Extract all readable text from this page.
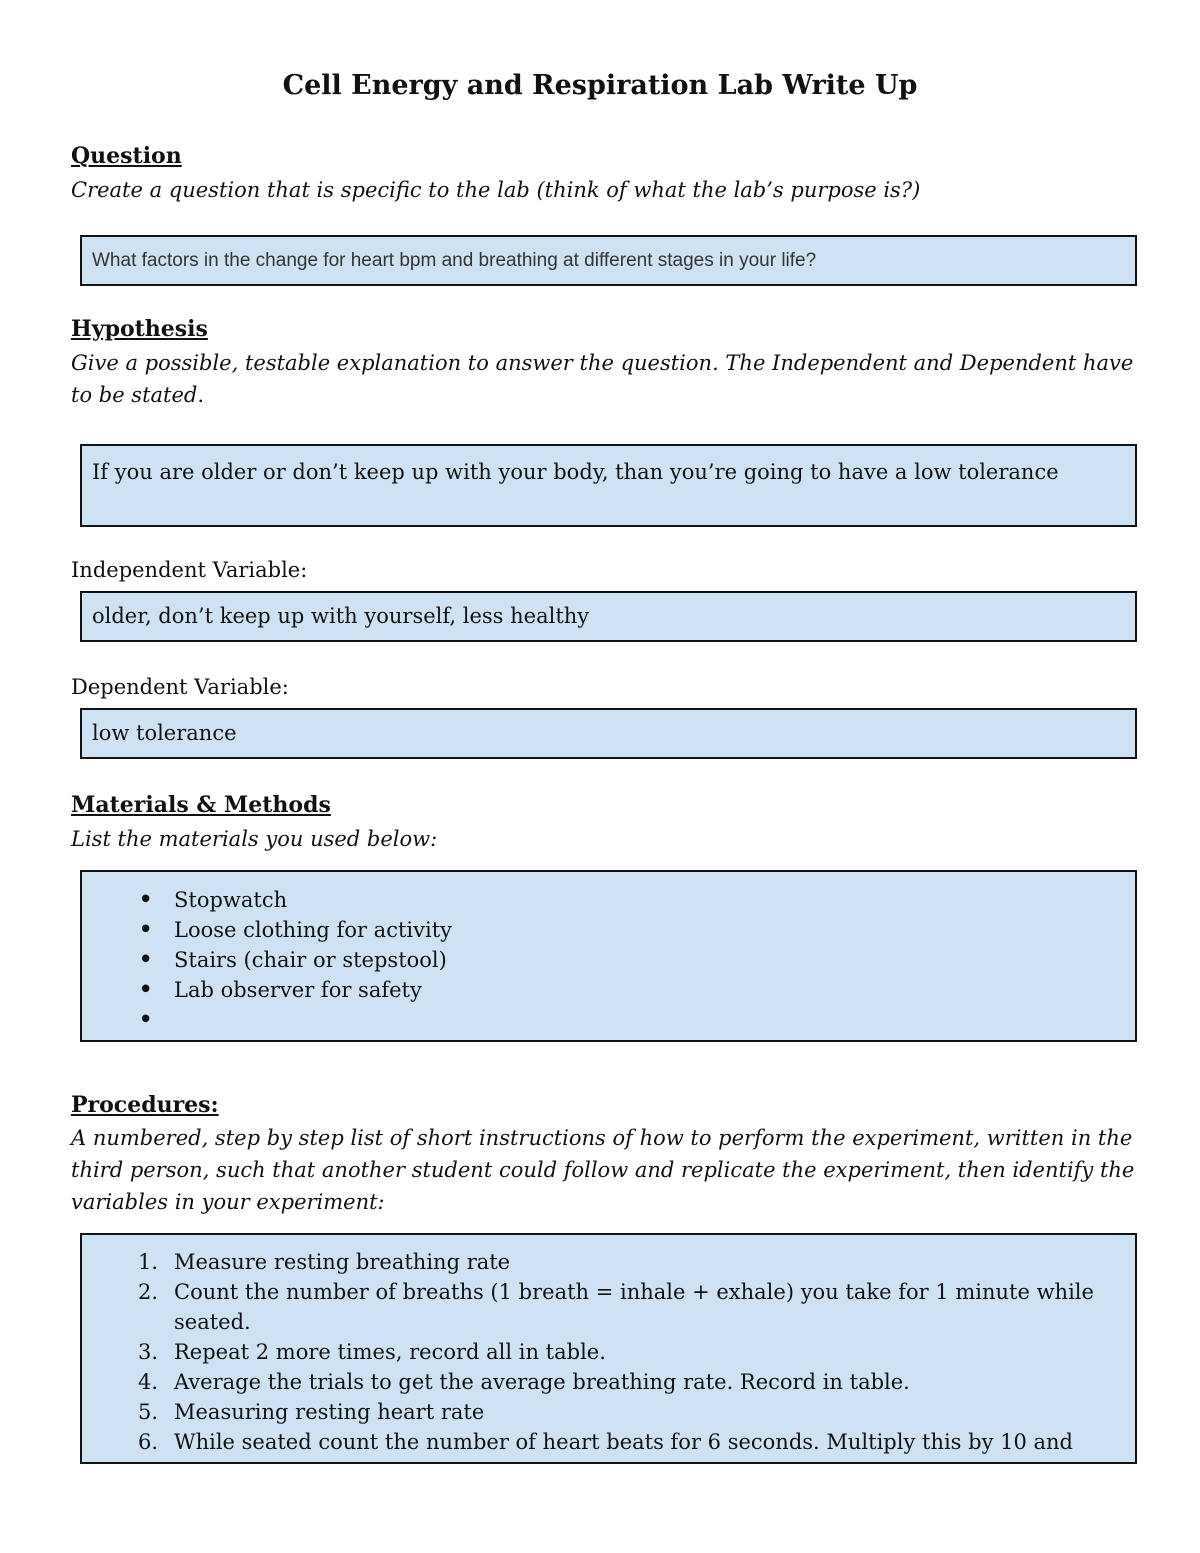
Cell Energy and Respiration Lab Write Up
Question
Create a question that is specific to the lab (think of what the lab’s purpose is?)
What factors in the change for heart bpm and breathing at different stages in your life?
Hypothesis
Give a possible, testable explanation to answer the question. The Independent and Dependent have to be stated.
If you are older or don’t keep up with your body, than you’re going to have a low tolerance
Independent Variable:
older, don’t keep up with yourself, less healthy
Dependent Variable:
low tolerance
Materials & Methods
List the materials you used below:
• Stopwatch
• Loose clothing for activity
• Stairs (chair or stepstool)
• Lab observer for safety
•
Procedures:
A numbered, step by step list of short instructions of how to perform the experiment, written in the third person, such that another student could follow and replicate the experiment, then identify the variables in your experiment:
1. Measure resting breathing rate
2. Count the number of breaths (1 breath = inhale + exhale) you take for 1 minute while seated.
3. Repeat 2 more times, record all in table.
4. Average the trials to get the average breathing rate. Record in table.
5. Measuring resting heart rate
6. While seated count the number of heart beats for 6 seconds. Multiply this by 10 and
